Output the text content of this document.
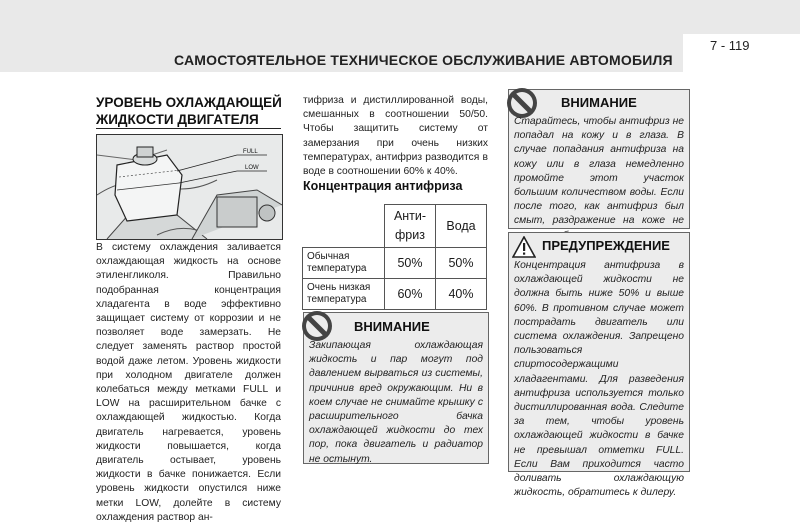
САМОСТОЯТЕЛЬНОЕ ТЕХНИЧЕСКОЕ ОБСЛУЖИВАНИЕ АВТОМОБИЛЯ
7 - 119
УРОВЕНЬ ОХЛАЖДАЮЩЕЙ ЖИДКОСТИ ДВИГАТЕЛЯ
FULL
LOW

В систему охлаждения заливается охлаждающая жидкость на основе этиленгликоля. Правильно подобранная концентрация хладагента в воде эффективно защищает систему от коррозии и не позволяет воде замерзать. Не следует заменять раствор простой водой даже летом. Уровень жидкости при холодном двигателе должен колебаться между метками FULL и LOW на расширительном бачке с охлаждающей жидкостью. Когда двигатель нагревается, уровень жидкости повышается, когда двигатель остывает, уровень жидкости в бачке понижается. Если уровень жидкости опустился ниже метки LOW, долейте в систему охлаждения раствор ан-

тифриза и дистиллированной воды, смешанных в соотношении 50/50. Чтобы защитить систему от замерзания при очень низких температурах, антифриз разводится в воде в соотношении 60% к 40%.

Концентрация антифриза
	Анти-
фриз	Вода
Обычная температура	50%	50%
Очень низкая температура	60%	40%
ВНИМАНИЕ

Закипающая охлаждающая жидкость и пар могут под давлением вырваться из системы, причинив вред окружающим. Ни в коем случае не снимайте крышку с расширительного бачка охлаждающей жидкости до тех пор, пока двигатель и радиатор не остынут.

ВНИМАНИЕ

Старайтесь, чтобы антифриз не попадал на кожу и в глаза. В случае попадания антифриза на кожу или в глаза немедленно промойте этот участок большим количеством воды. Если после того, как антифриз был смыт, раздражение на коже не

ПРЕДУПРЕЖДЕНИЕ

Концентрация антифриза в охлаждающей жидкости не должна быть ниже 50% и выше 60%. В противном случае может пострадать двигатель или система охлаждения. Запрещено пользоваться спиртосодержащими хладагентами. Для разведения антифриза используется только дистиллированная вода. Следите за тем, чтобы уровень охлаждающей жидкости в бачке не превышал отметки FULL. Если Вам приходится часто доливать охлаждающую жидкость, обратитесь к дилеру.
